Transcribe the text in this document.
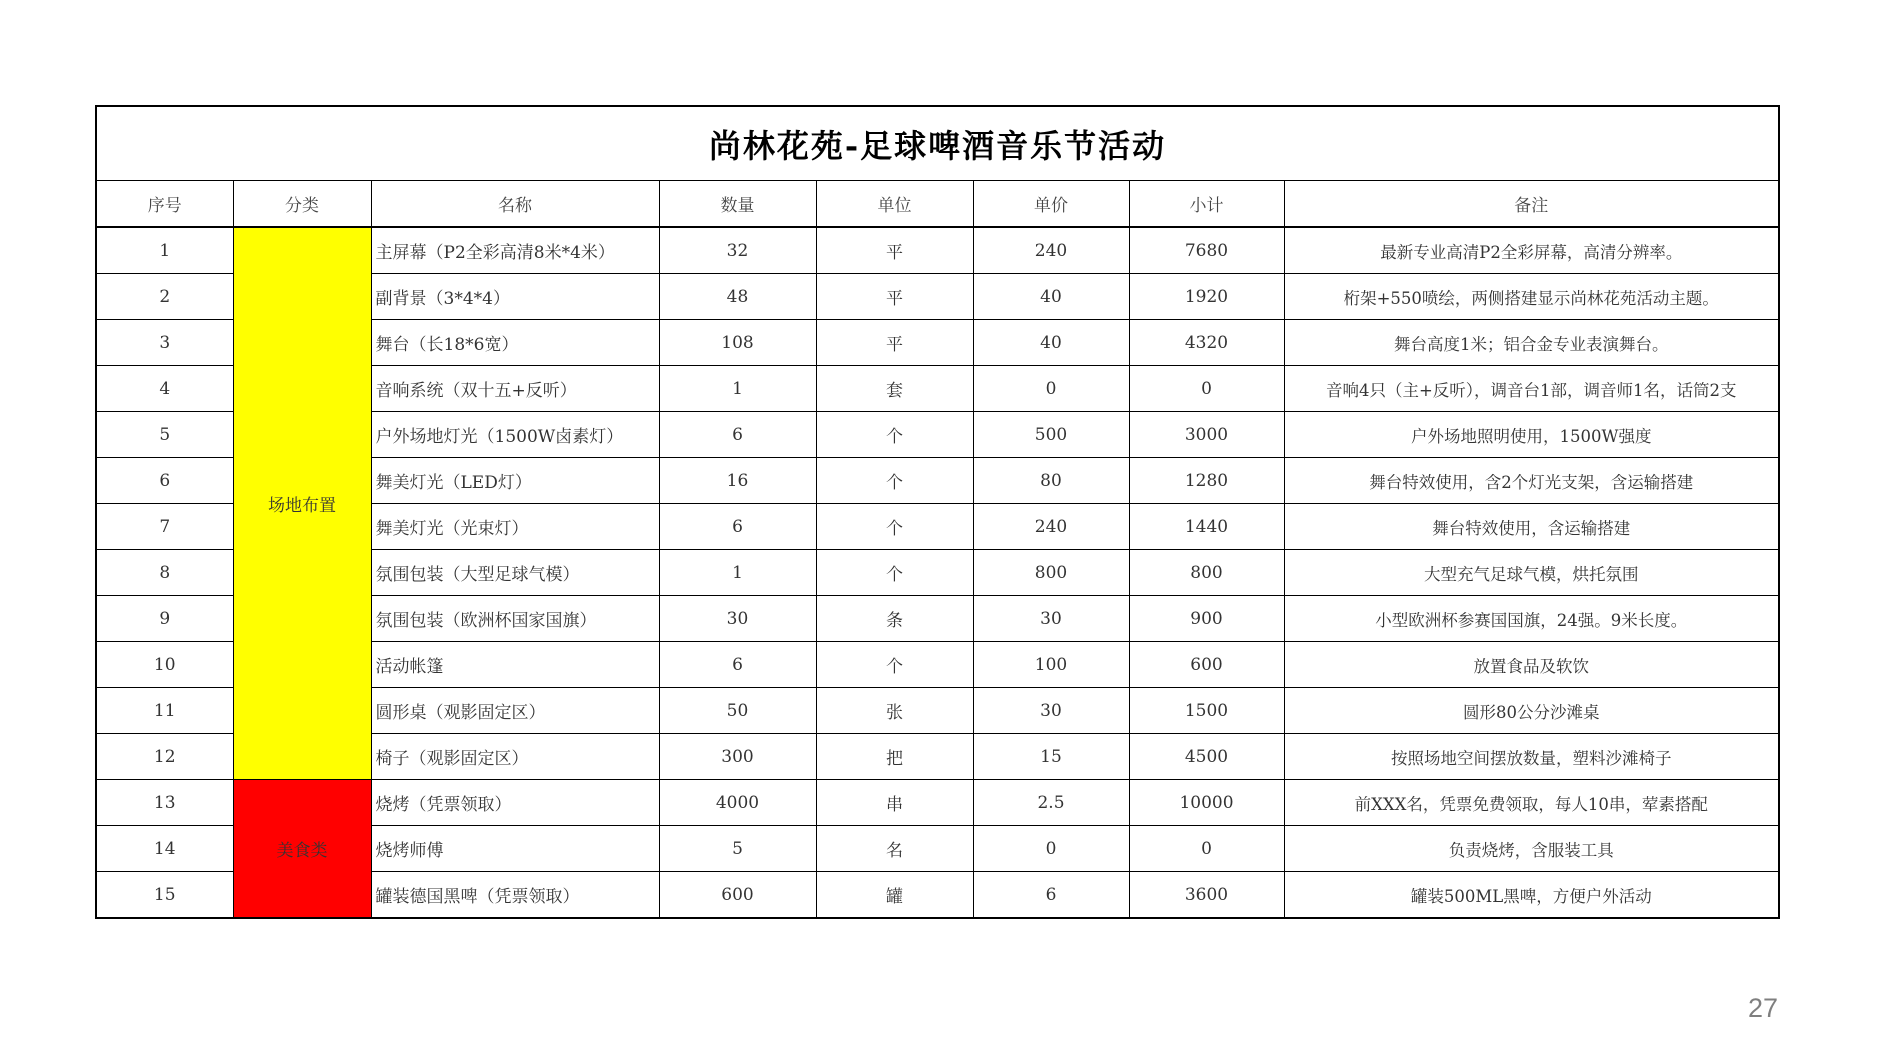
尚林花苑-足球啤酒音乐节活动							
序号	分类	名称	数量	单位	单价	小计	备注
1	场地布置	主屏幕（P2全彩高清8米*4米）	32	平	240	7680	最新专业高清P2全彩屏幕，高清分辨率。
2		副背景（3*4*4）	48	平	40	1920	桁架+550喷绘，两侧搭建显示尚林花苑活动主题。
3		舞台（长18*6宽）	108	平	40	4320	舞台高度1米；铝合金专业表演舞台。
4		音响系统（双十五+反听）	1	套	0	0	音响4只（主+反听），调音台1部，调音师1名，话筒2支
5		户外场地灯光（1500W卤素灯）	6	个	500	3000	户外场地照明使用，1500W强度
6		舞美灯光（LED灯）	16	个	80	1280	舞台特效使用，含2个灯光支架，含运输搭建
7		舞美灯光（光束灯）	6	个	240	1440	舞台特效使用，含运输搭建
8		氛围包装（大型足球气模）	1	个	800	800	大型充气足球气模，烘托氛围
9		氛围包装（欧洲杯国家国旗）	30	条	30	900	小型欧洲杯参赛国国旗，24强。9米长度。
10		活动帐篷	6	个	100	600	放置食品及软饮
11		圆形桌（观影固定区）	50	张	30	1500	圆形80公分沙滩桌
12		椅子（观影固定区）	300	把	15	4500	按照场地空间摆放数量，塑料沙滩椅子
13	美食类	烧烤（凭票领取）	4000	串	2.5	10000	前XXX名，凭票免费领取，每人10串，荤素搭配
14		烧烤师傅	5	名	0	0	负责烧烤，含服装工具
15		罐装德国黑啤（凭票领取）	600	罐	6	3600	罐装500ML黑啤，方便户外活动
27
